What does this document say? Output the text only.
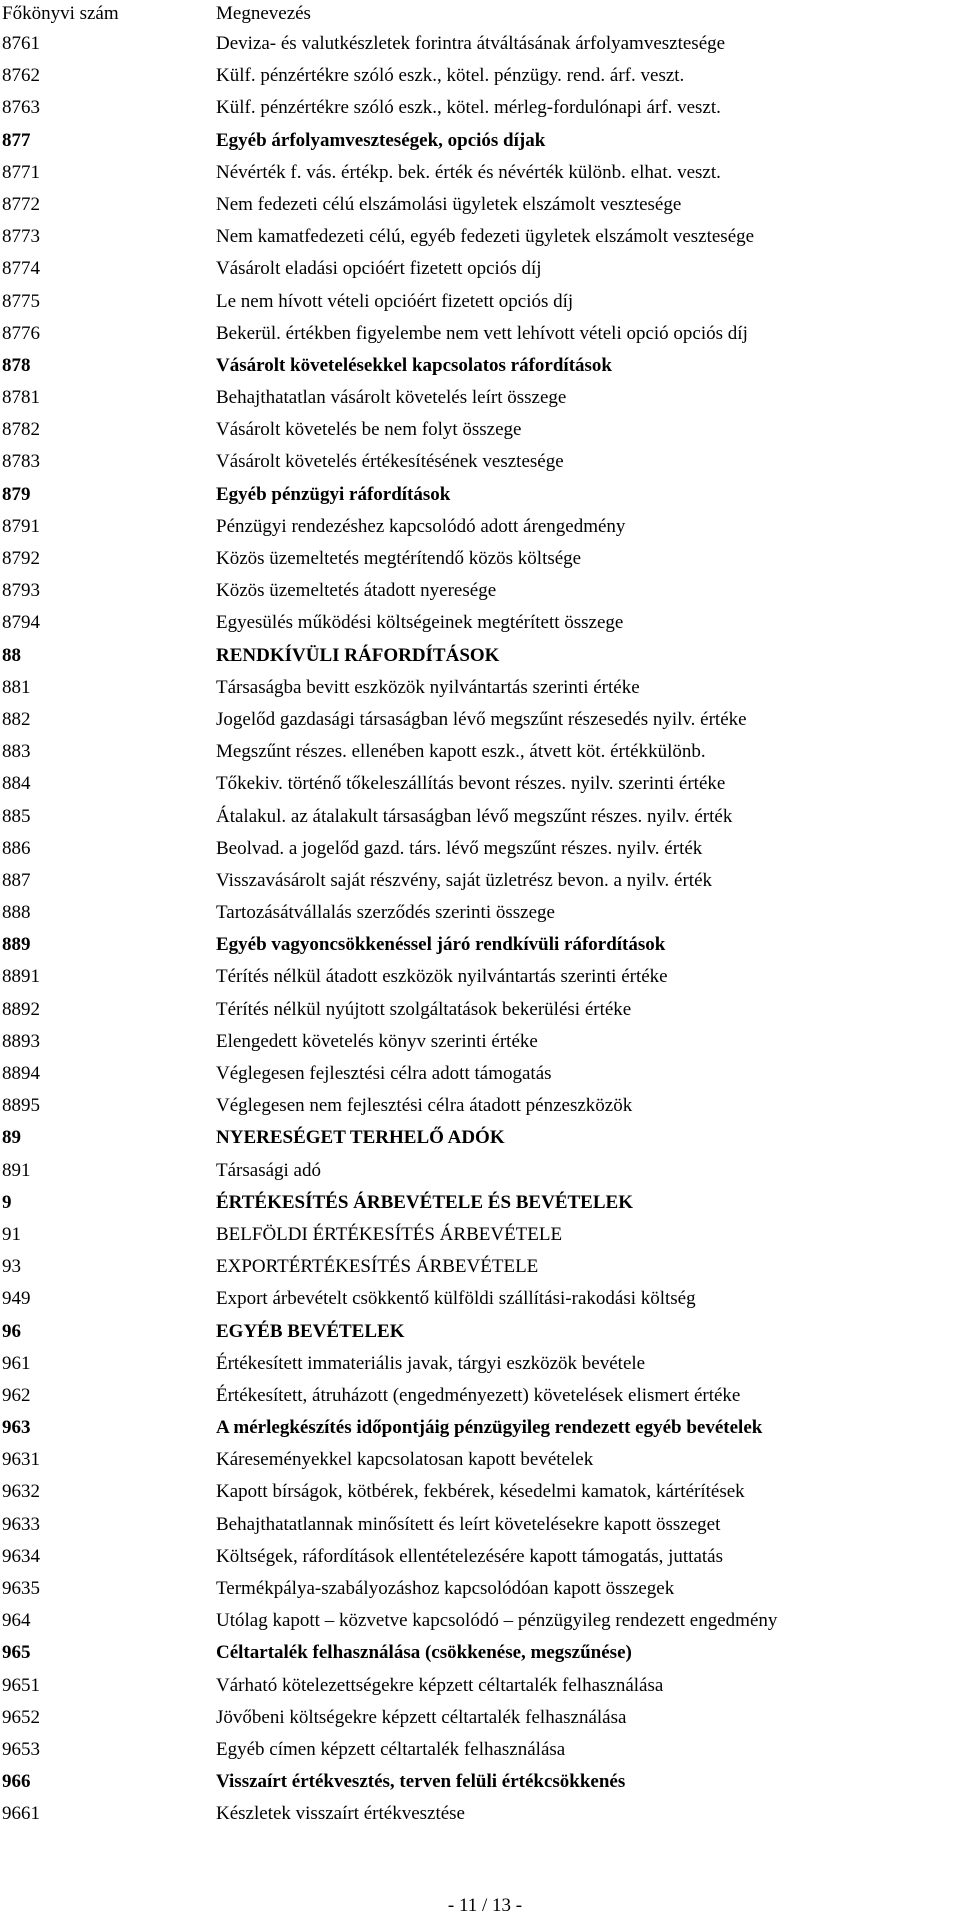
Főkönyvi szám	Megnevezés
8761	Deviza- és valutkészletek forintra átváltásának árfolyamvesztesége
8762	Külf. pénzértékre szóló eszk., kötel. pénzügy. rend. árf. veszt.
8763	Külf. pénzértékre szóló eszk., kötel. mérleg-fordulónapi árf. veszt.
877	Egyéb árfolyamveszteségek, opciós díjak
8771	Névérték f. vás. értékp. bek. érték és névérték különb. elhat. veszt.
8772	Nem fedezeti célú elszámolási ügyletek elszámolt vesztesége
8773	Nem kamatfedezeti célú, egyéb fedezeti ügyletek elszámolt vesztesége
8774	Vásárolt eladási opcióért fizetett opciós díj
8775	Le nem hívott vételi opcióért fizetett opciós díj
8776	Bekerül. értékben figyelembe nem vett lehívott vételi opció opciós díj
878	Vásárolt követelésekkel kapcsolatos ráfordítások
8781	Behajthatatlan vásárolt követelés leírt összege
8782	Vásárolt követelés be nem folyt összege
8783	Vásárolt követelés értékesítésének vesztesége
879	Egyéb pénzügyi ráfordítások
8791	Pénzügyi rendezéshez kapcsolódó adott árengedmény
8792	Közös üzemeltetés megtérítendő közös költsége
8793	Közös üzemeltetés átadott nyeresége
8794	Egyesülés működési költségeinek megtérített összege
88	RENDKÍVÜLI RÁFORDÍTÁSOK
881	Társaságba bevitt eszközök nyilvántartás szerinti értéke
882	Jogelőd gazdasági társaságban lévő megszűnt részesedés nyilv. értéke
883	Megszűnt részes. ellenében kapott eszk., átvett köt. értékkülönb.
884	Tőkekiv. történő tőkeleszállítás bevont részes. nyilv. szerinti értéke
885	Átalakul. az átalakult társaságban lévő megszűnt részes. nyilv. érték
886	Beolvad. a jogelőd gazd. társ. lévő megszűnt részes. nyilv. érték
887	Visszavásárolt saját részvény, saját üzletrész bevon. a nyilv. érték
888	Tartozásátvállalás szerződés szerinti összege
889	Egyéb vagyoncsökkenéssel járó rendkívüli ráfordítások
8891	Térítés nélkül átadott eszközök nyilvántartás szerinti értéke
8892	Térítés nélkül nyújtott szolgáltatások bekerülési értéke
8893	Elengedett követelés könyv szerinti értéke
8894	Véglegesen fejlesztési célra adott támogatás
8895	Véglegesen nem fejlesztési célra átadott pénzeszközök
89	NYERESÉGET TERHELŐ ADÓK
891	Társasági adó
9	ÉRTÉKESÍTÉS ÁRBEVÉTELE ÉS BEVÉTELEK
91	BELFÖLDI ÉRTÉKESÍTÉS ÁRBEVÉTELE
93	EXPORTÉRTÉKESÍTÉS ÁRBEVÉTELE
949	Export árbevételt csökkentő külföldi szállítási-rakodási költség
96	EGYÉB BEVÉTELEK
961	Értékesített immateriális javak, tárgyi eszközök bevétele
962	Értékesített, átruházott (engedményezett) követelések elismert értéke
963	A mérlegkészítés időpontjáig pénzügyileg rendezett egyéb bevételek
9631	Káreseményekkel kapcsolatosan kapott bevételek
9632	Kapott bírságok, kötbérek, fekbérek, késedelmi kamatok, kártérítések
9633	Behajthatatlannak minősített és leírt követelésekre kapott összeget
9634	Költségek, ráfordítások ellentételezésére kapott támogatás, juttatás
9635	Termékpálya-szabályozáshoz kapcsolódóan kapott összegek
964	Utólag kapott – közvetve kapcsolódó – pénzügyileg rendezett engedmény
965	Céltartalék felhasználása (csökkenése, megszűnése)
9651	Várható kötelezettségekre képzett céltartalék felhasználása
9652	Jövőbeni költségekre képzett céltartalék felhasználása
9653	Egyéb címen képzett céltartalék felhasználása
966	Visszaírt értékvesztés, terven felüli értékcsökkenés
9661	Készletek visszaírt értékvesztése
- 11 / 13 -
